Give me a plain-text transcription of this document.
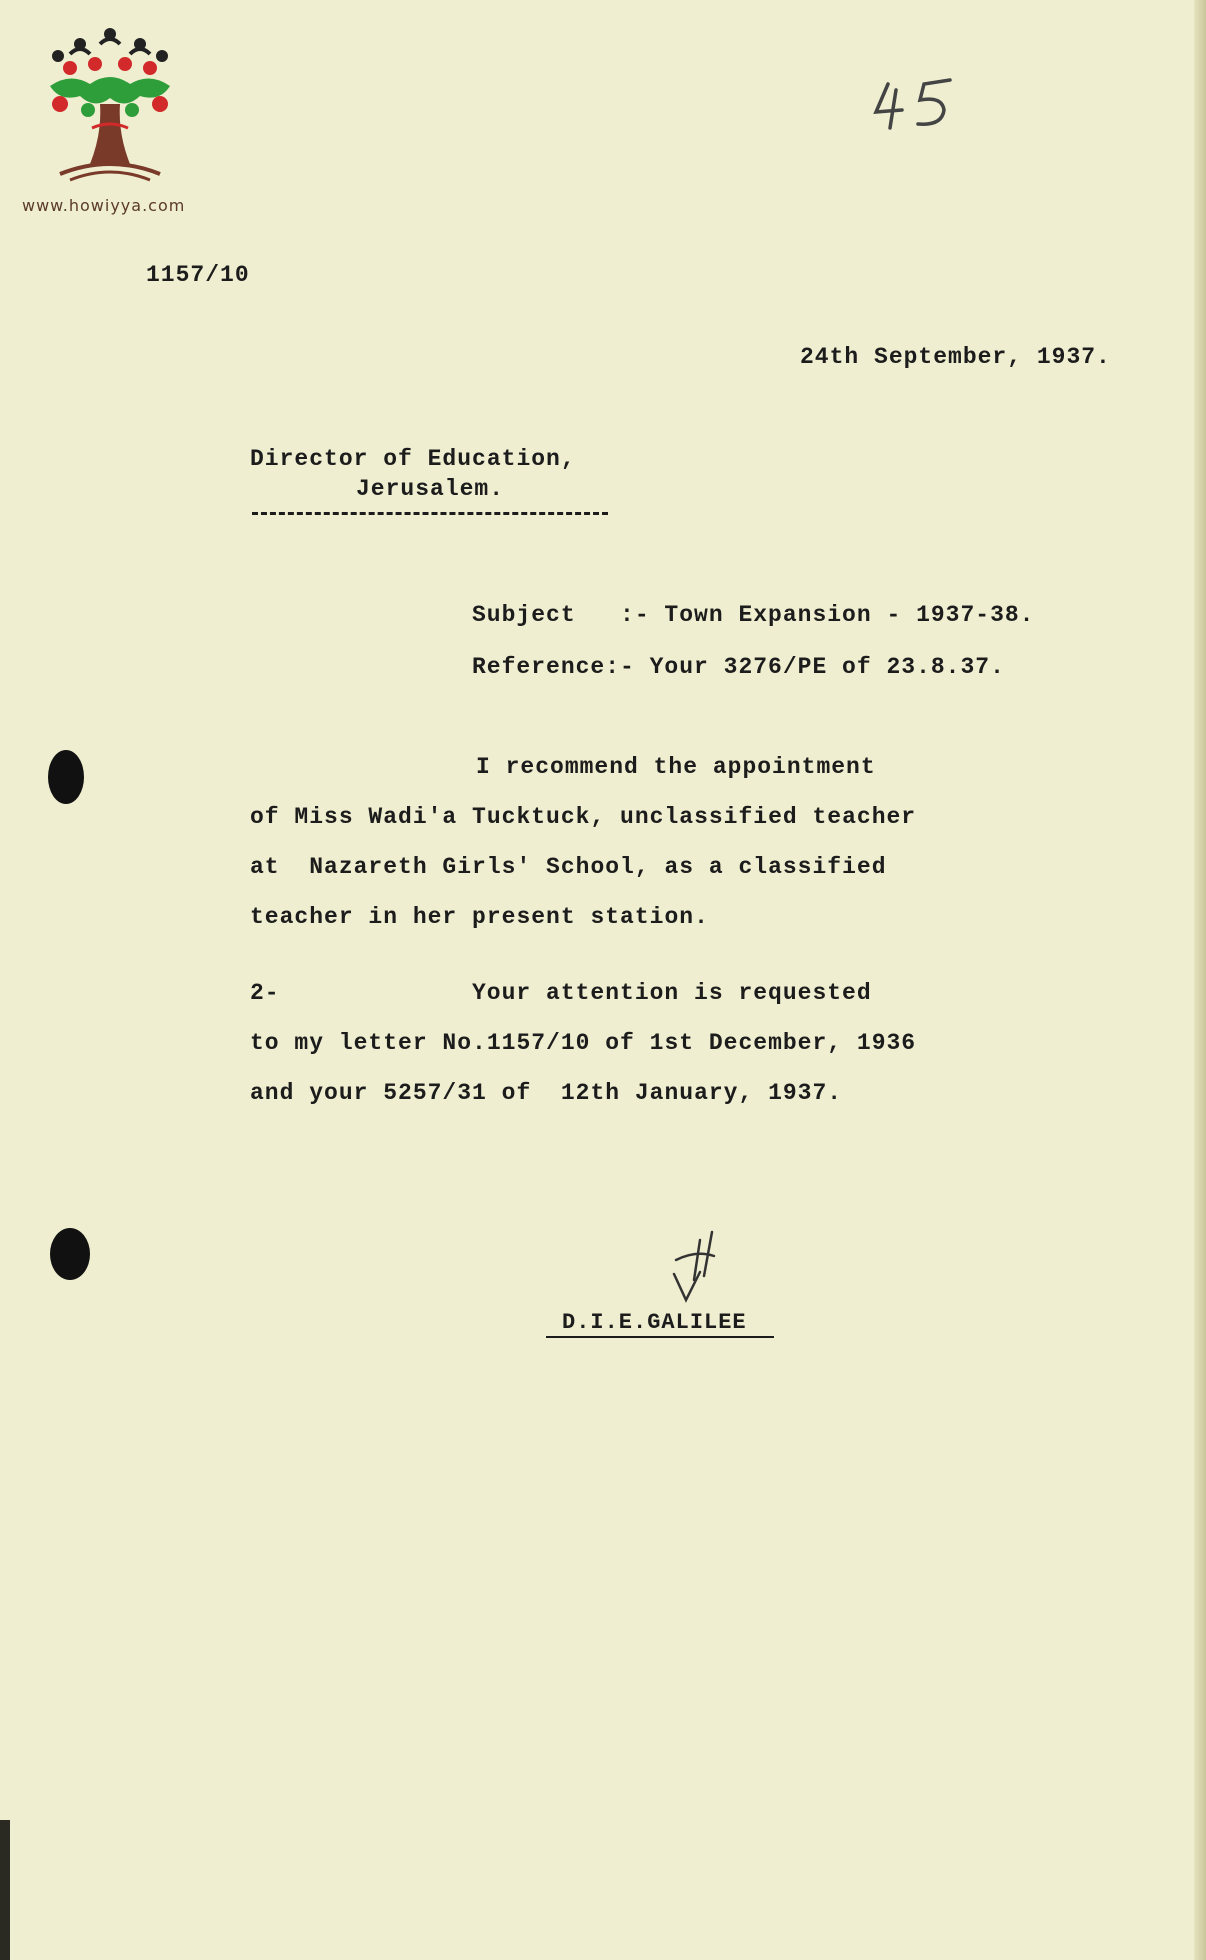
www.howiyya.com
1157/10
24th September, 1937.
Director of Education,
Jerusalem.
Subject   :- Town Expansion - 1937-38.
Reference:- Your 3276/PE of 23.8.37.
I recommend the appointment
of Miss Wadi'a Tucktuck, unclassified teacher
at  Nazareth Girls' School, as a classified
teacher in her present station.
2-	Your attention is requested
to my letter No.1157/10 of 1st December, 1936
and your 5257/31 of  12th January, 1937.
D.I.E.GALILEE
